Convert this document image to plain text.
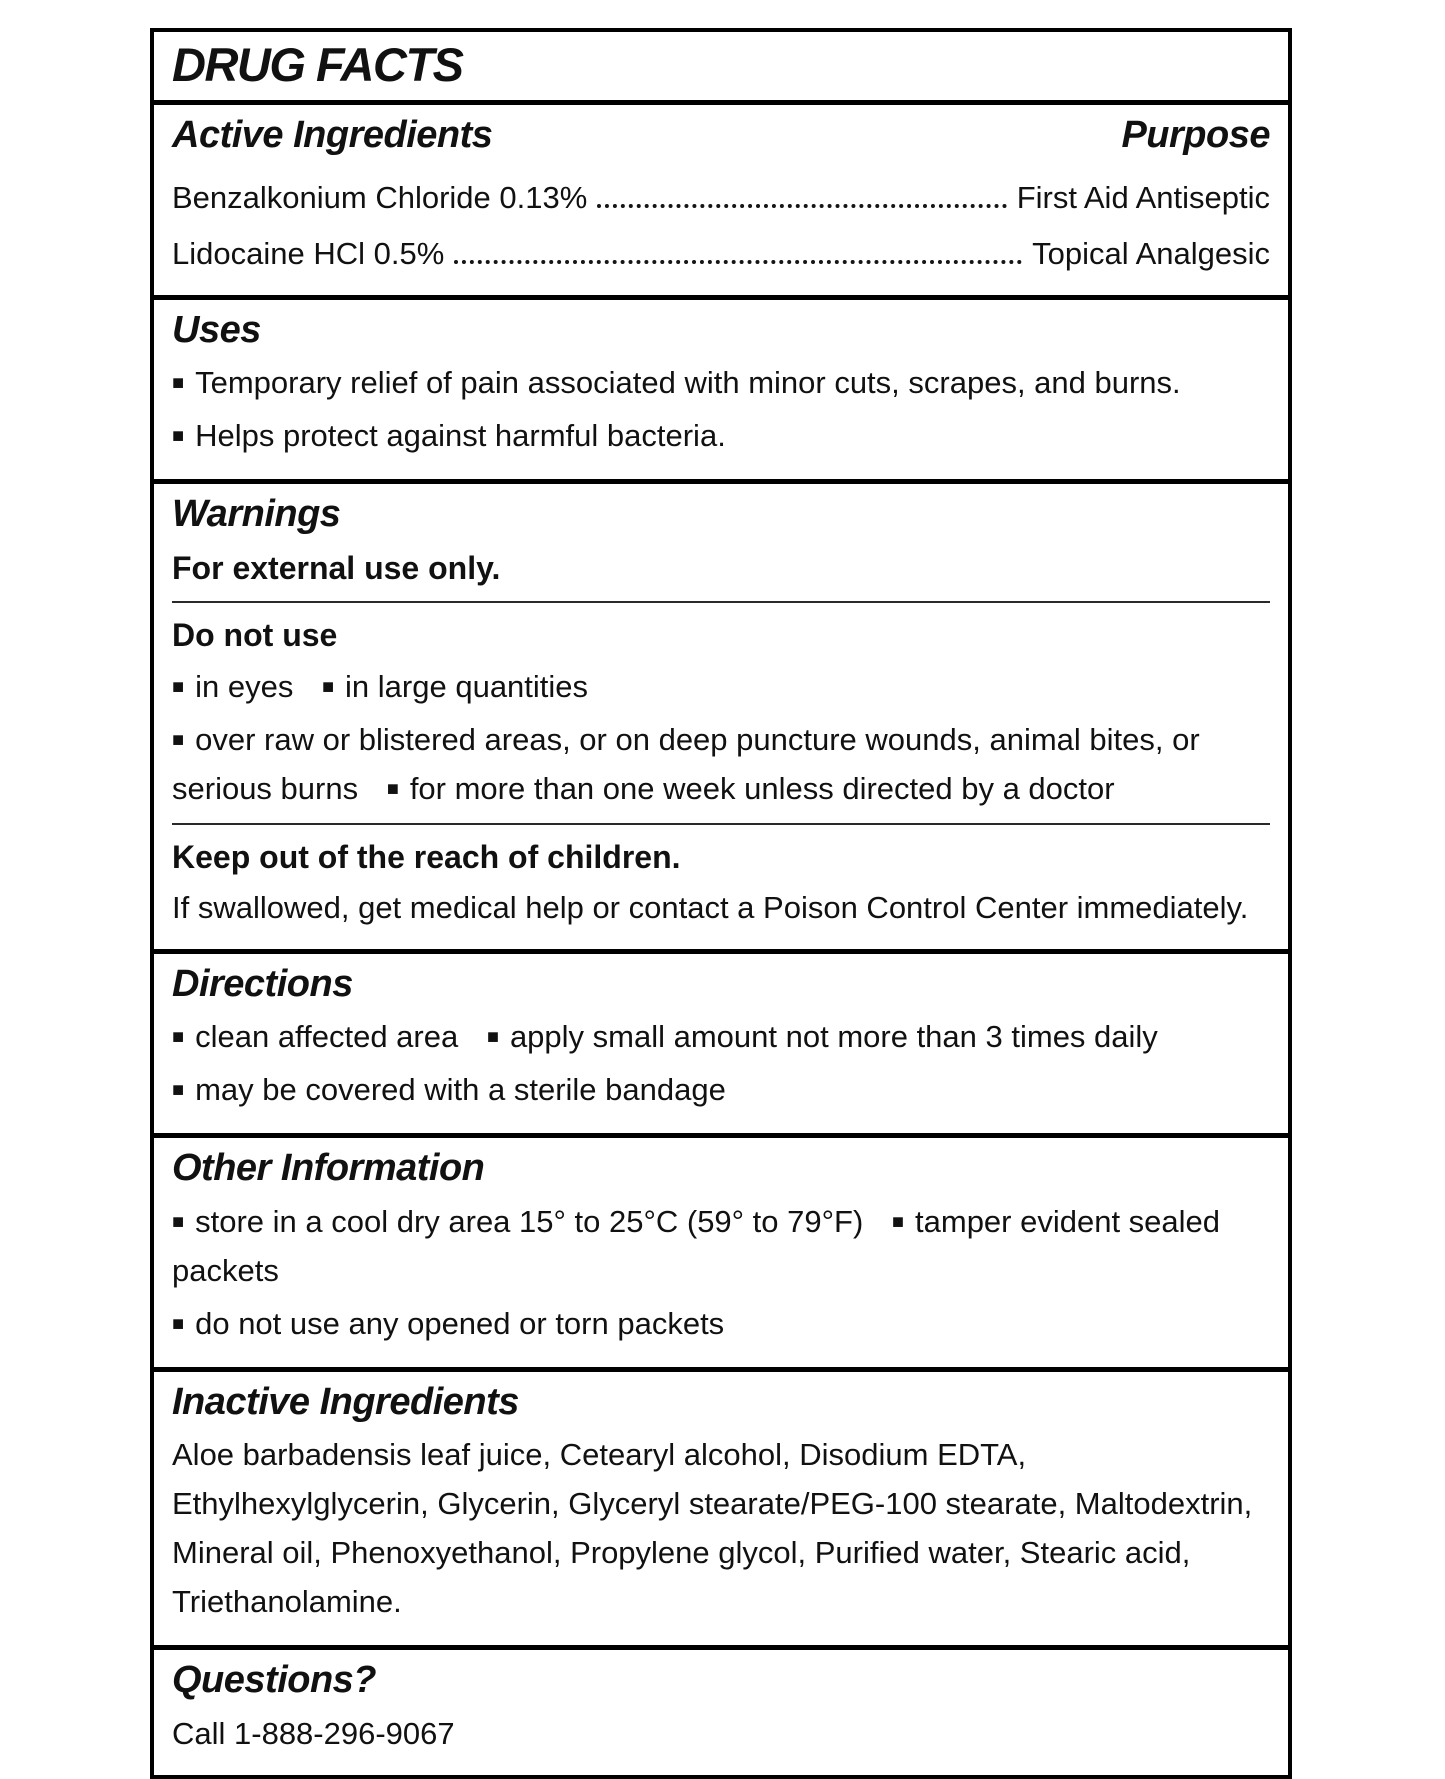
DRUG FACTS
Active Ingredients	Purpose
Benzalkonium Chloride 0.13%	First Aid Antiseptic
Lidocaine HCl 0.5%	Topical Analgesic
Uses
■ Temporary relief of pain associated with minor cuts, scrapes, and burns.
■ Helps protect against harmful bacteria.
Warnings
For external use only.
Do not use
■ in eyes ■ in large quantities
■ over raw or blistered areas, or on deep puncture wounds, animal bites, or serious burns ■ for more than one week unless directed by a doctor
Keep out of the reach of children.
If swallowed, get medical help or contact a Poison Control Center immediately.
Directions
■ clean affected area ■ apply small amount not more than 3 times daily
■ may be covered with a sterile bandage
Other Information
■ store in a cool dry area 15° to 25°C (59° to 79°F) ■ tamper evident sealed packets
■ do not use any opened or torn packets
Inactive Ingredients
Aloe barbadensis leaf juice, Cetearyl alcohol, Disodium EDTA, Ethylhexylglycerin, Glycerin, Glyceryl stearate/PEG-100 stearate, Maltodextrin, Mineral oil, Phenoxyethanol, Propylene glycol, Purified water, Stearic acid, Triethanolamine.
Questions?
Call 1-888-296-9067
